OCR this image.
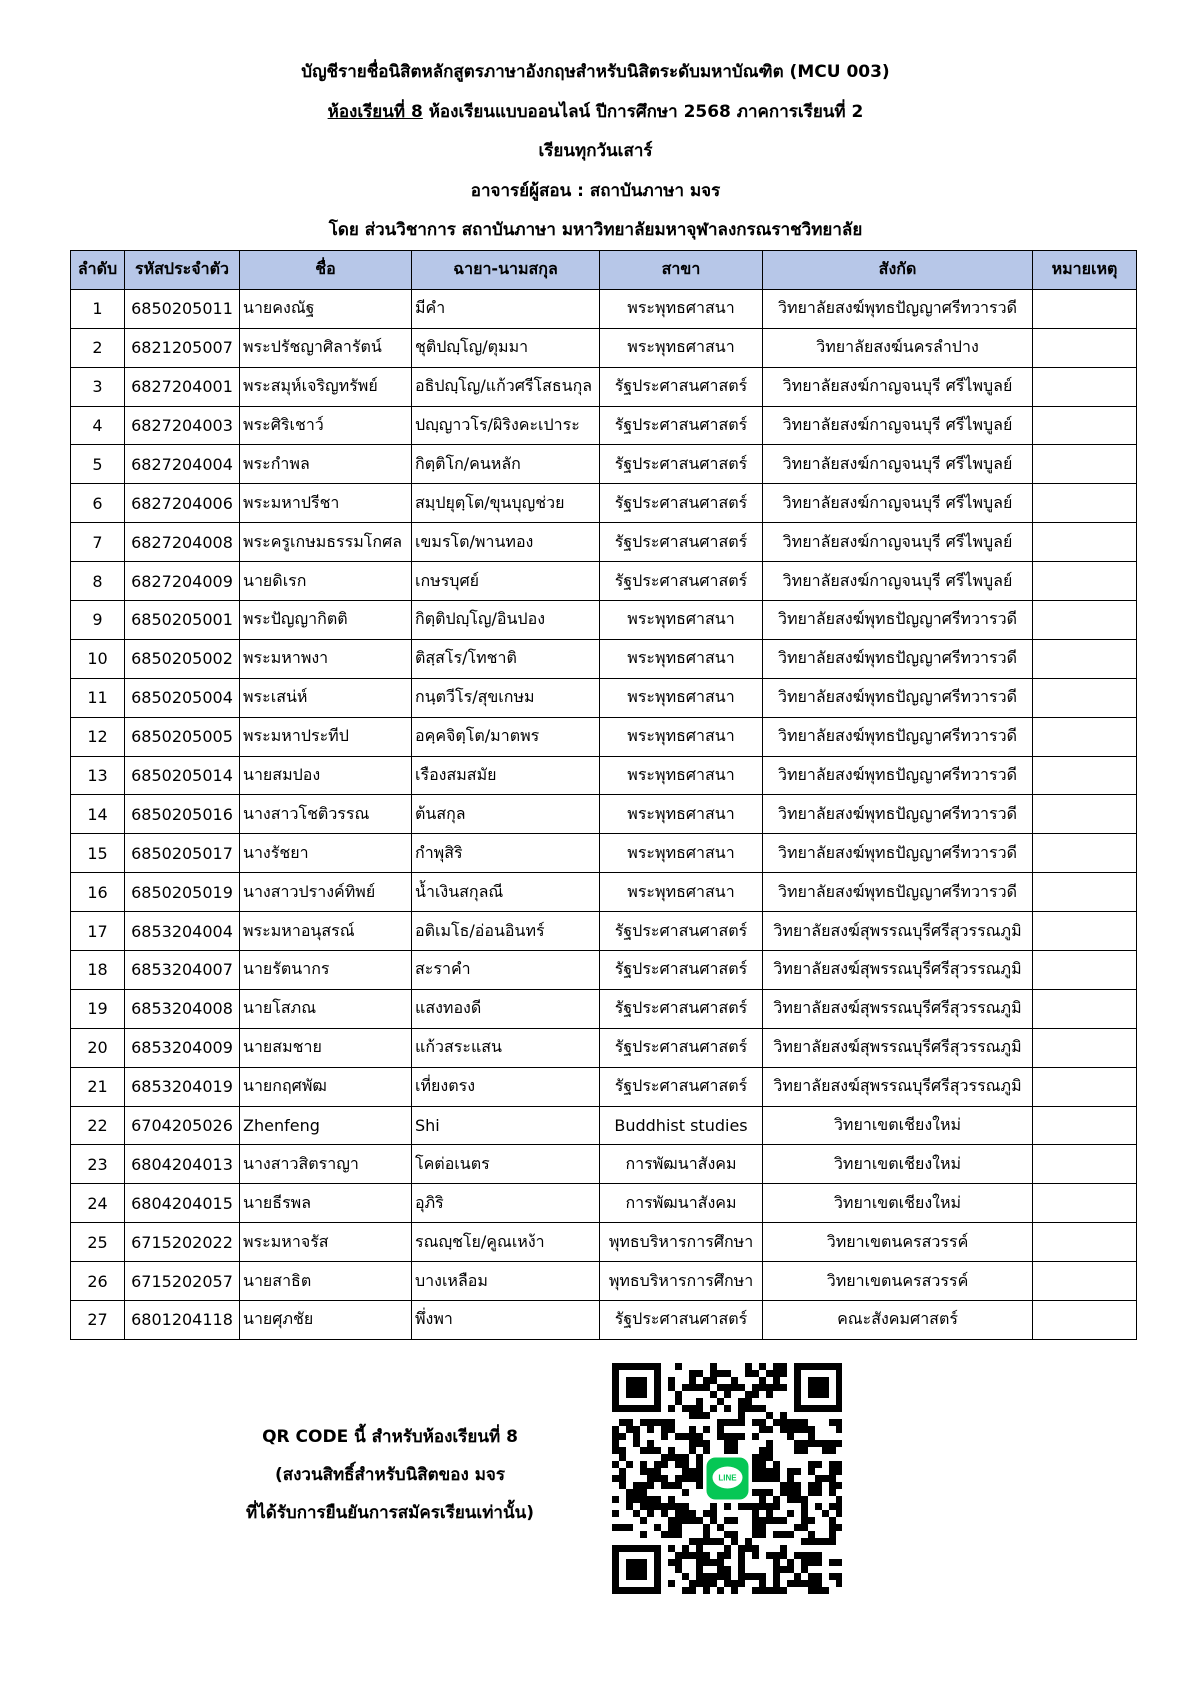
บัญชีรายชื่อนิสิตหลักสูตรภาษาอังกฤษสำหรับนิสิตระดับมหาบัณฑิต (MCU 003)
ห้องเรียนที่ 8 ห้องเรียนแบบออนไลน์ ปีการศึกษา 2568 ภาคการเรียนที่ 2
เรียนทุกวันเสาร์
อาจารย์ผู้สอน : สถาบันภาษา มจร
โดย ส่วนวิชาการ สถาบันภาษา มหาวิทยาลัยมหาจุฬาลงกรณราชวิทยาลัย
ลำดับ	รหัสประจำตัว	ชื่อ	ฉายา-นามสกุล	สาขา	สังกัด	หมายเหตุ
1	6850205011	นายคงณัฐ	มีคำ	พระพุทธศาสนา	วิทยาลัยสงฆ์พุทธปัญญาศรีทวารวดี	
2	6821205007	พระปรัชญาศิลารัตน์	ชุติปญฺโญ/ตุมมา	พระพุทธศาสนา	วิทยาลัยสงฆ์นครลำปาง	
3	6827204001	พระสมุห์เจริญทรัพย์	อธิปญฺโญ/แก้วศรีโสธนกุล	รัฐประศาสนศาสตร์	วิทยาลัยสงฆ์กาญจนบุรี ศรีไพบูลย์	
4	6827204003	พระศิริเชาว์	ปญฺญาวโร/ผิริงคะเปาระ	รัฐประศาสนศาสตร์	วิทยาลัยสงฆ์กาญจนบุรี ศรีไพบูลย์	
5	6827204004	พระกำพล	กิตฺติโก/คนหลัก	รัฐประศาสนศาสตร์	วิทยาลัยสงฆ์กาญจนบุรี ศรีไพบูลย์	
6	6827204006	พระมหาปรีชา	สมฺปยุตฺโต/ขุนบุญช่วย	รัฐประศาสนศาสตร์	วิทยาลัยสงฆ์กาญจนบุรี ศรีไพบูลย์	
7	6827204008	พระครูเกษมธรรมโกศล	เขมรโต/พานทอง	รัฐประศาสนศาสตร์	วิทยาลัยสงฆ์กาญจนบุรี ศรีไพบูลย์	
8	6827204009	นายดิเรก	เกษรบุศย์	รัฐประศาสนศาสตร์	วิทยาลัยสงฆ์กาญจนบุรี ศรีไพบูลย์	
9	6850205001	พระปัญญากิตติ	กิตฺติปญฺโญ/อินปอง	พระพุทธศาสนา	วิทยาลัยสงฆ์พุทธปัญญาศรีทวารวดี	
10	6850205002	พระมหาพงา	ติสฺสโร/โทชาติ	พระพุทธศาสนา	วิทยาลัยสงฆ์พุทธปัญญาศรีทวารวดี	
11	6850205004	พระเสน่ห์	กนฺตวีโร/สุขเกษม	พระพุทธศาสนา	วิทยาลัยสงฆ์พุทธปัญญาศรีทวารวดี	
12	6850205005	พระมหาประทีป	อคฺคจิตฺโต/มาตพร	พระพุทธศาสนา	วิทยาลัยสงฆ์พุทธปัญญาศรีทวารวดี	
13	6850205014	นายสมปอง	เรืองสมสมัย	พระพุทธศาสนา	วิทยาลัยสงฆ์พุทธปัญญาศรีทวารวดี	
14	6850205016	นางสาวโชติวรรณ	ต้นสกุล	พระพุทธศาสนา	วิทยาลัยสงฆ์พุทธปัญญาศรีทวารวดี	
15	6850205017	นางรัชยา	กำพุสิริ	พระพุทธศาสนา	วิทยาลัยสงฆ์พุทธปัญญาศรีทวารวดี	
16	6850205019	นางสาวปรางค์ทิพย์	น้ำเงินสกุลณี	พระพุทธศาสนา	วิทยาลัยสงฆ์พุทธปัญญาศรีทวารวดี	
17	6853204004	พระมหาอนุสรณ์	อติเมโธ/อ่อนอินทร์	รัฐประศาสนศาสตร์	วิทยาลัยสงฆ์สุพรรณบุรีศรีสุวรรณภูมิ	
18	6853204007	นายรัตนากร	สะราคำ	รัฐประศาสนศาสตร์	วิทยาลัยสงฆ์สุพรรณบุรีศรีสุวรรณภูมิ	
19	6853204008	นายโสภณ	แสงทองดี	รัฐประศาสนศาสตร์	วิทยาลัยสงฆ์สุพรรณบุรีศรีสุวรรณภูมิ	
20	6853204009	นายสมชาย	แก้วสระแสน	รัฐประศาสนศาสตร์	วิทยาลัยสงฆ์สุพรรณบุรีศรีสุวรรณภูมิ	
21	6853204019	นายกฤศพัฒ	เที่ยงตรง	รัฐประศาสนศาสตร์	วิทยาลัยสงฆ์สุพรรณบุรีศรีสุวรรณภูมิ	
22	6704205026	Zhenfeng	Shi	Buddhist studies	วิทยาเขตเชียงใหม่	
23	6804204013	นางสาวสิตราญา	โคต่อเนตร	การพัฒนาสังคม	วิทยาเขตเชียงใหม่	
24	6804204015	นายธีรพล	อุภิริ	การพัฒนาสังคม	วิทยาเขตเชียงใหม่	
25	6715202022	พระมหาจรัส	รณญฺชโย/คูณเหง้า	พุทธบริหารการศึกษา	วิทยาเขตนครสวรรค์	
26	6715202057	นายสาธิต	บางเหลือม	พุทธบริหารการศึกษา	วิทยาเขตนครสวรรค์	
27	6801204118	นายศุภชัย	พึ่งพา	รัฐประศาสนศาสตร์	คณะสังคมศาสตร์	
QR CODE นี้ สำหรับห้องเรียนที่ 8
(สงวนสิทธิ์สำหรับนิสิตของ มจร
ที่ได้รับการยืนยันการสมัครเรียนเท่านั้น)
LINE
